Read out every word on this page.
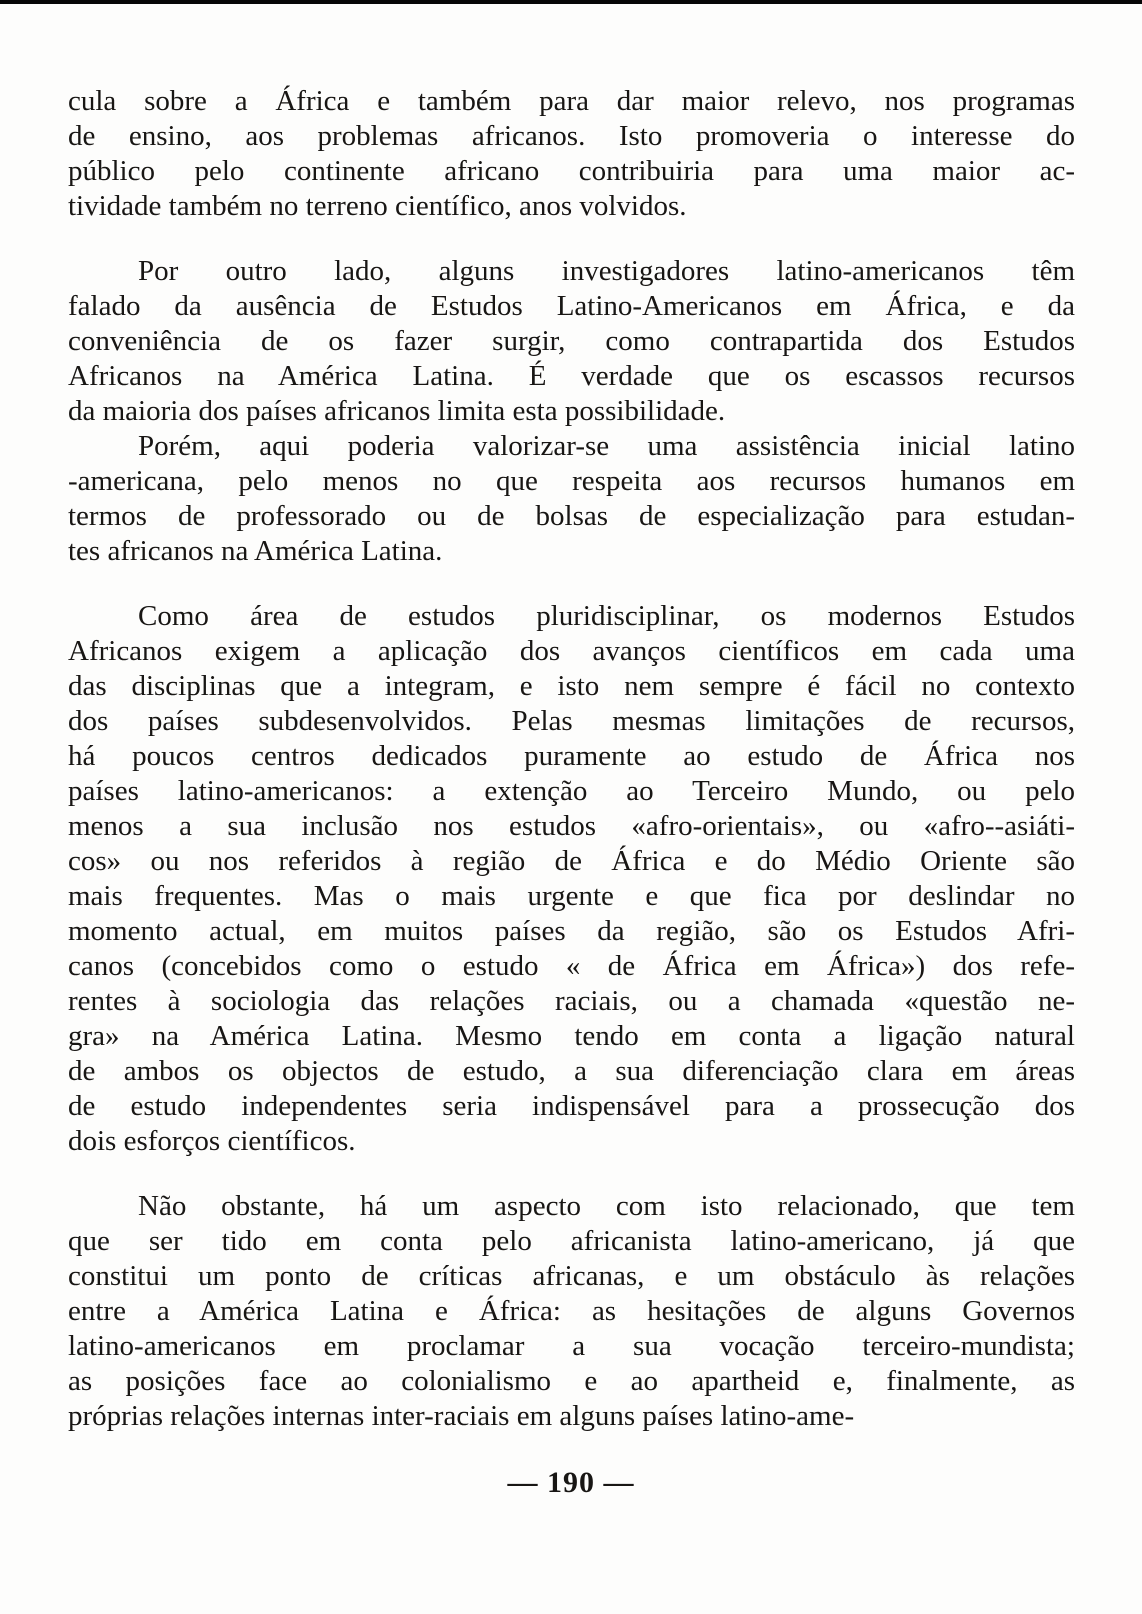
cula sobre a África e também para dar maior relevo, nos programas
de ensino, aos problemas africanos. Isto promoveria o interesse do
público pelo continente africano contribuiria para uma maior ac-
tividade também no terreno científico, anos volvidos.

Por outro lado, alguns investigadores latino-americanos têm
falado da ausência de Estudos Latino-Americanos em África, e da
conveniência de os fazer surgir, como contrapartida dos Estudos
Africanos na América Latina. É verdade que os escassos recursos
da maioria dos países africanos limita esta possibilidade.

Porém, aqui poderia valorizar-se uma assistência inicial latino
-americana, pelo menos no que respeita aos recursos humanos em
termos de professorado ou de bolsas de especialização para estudan-
tes africanos na América Latina.

Como área de estudos pluridisciplinar, os modernos Estudos
Africanos exigem a aplicação dos avanços científicos em cada uma
das disciplinas que a integram, e isto nem sempre é fácil no contexto
dos países subdesenvolvidos. Pelas mesmas limitações de recursos,
há poucos centros dedicados puramente ao estudo de África nos
países latino-americanos: a extenção ao Terceiro Mundo, ou pelo
menos a sua inclusão nos estudos «afro-orientais», ou «afro--asiáti-
cos» ou nos referidos à região de África e do Médio Oriente são
mais frequentes. Mas o mais urgente e que fica por deslindar no
momento actual, em muitos países da região, são os Estudos Afri-
canos (concebidos como o estudo « de África em África») dos refe-
rentes à sociologia das relações raciais, ou a chamada «questão ne-
gra» na América Latina. Mesmo tendo em conta a ligação natural
de ambos os objectos de estudo, a sua diferenciação clara em áreas
de estudo independentes seria indispensável para a prossecução dos
dois esforços científicos.

Não obstante, há um aspecto com isto relacionado, que tem
que ser tido em conta pelo africanista latino-americano, já que
constitui um ponto de críticas africanas, e um obstáculo às relações
entre a América Latina e África: as hesitações de alguns Governos
latino-americanos em proclamar a sua vocação terceiro-mundista;
as posições face ao colonialismo e ao apartheid e, finalmente, as
próprias relações internas inter-raciais em alguns países latino-ame-

— 190 —
